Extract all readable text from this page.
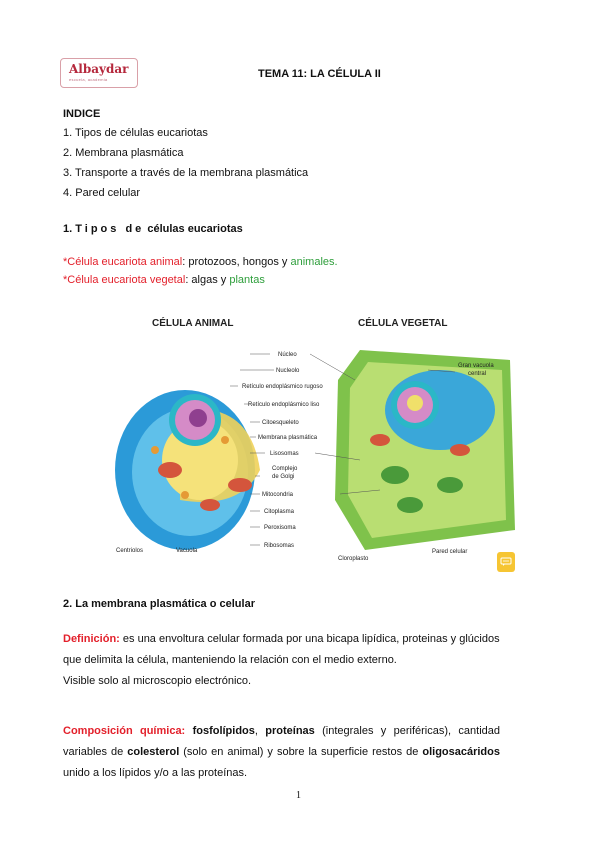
Albaydar
escuela, academia	TEMA 11: LA CÉLULA II
INDICE
1. Tipos de células eucariotas
2. Membrana plasmática
3. Transporte a través de la membrana plasmática
4. Pared celular
1. Tipos de células eucariotas
*Célula eucariota animal: protozoos, hongos y animales.
*Célula eucariota vegetal: algas y plantas
CÉLULA ANIMAL	CÉLULA VEGETAL
Núcleo
Nucleolo
Retículo endoplásmico rugoso
Retículo endoplásmico liso
Citoesqueleto
Membrana plasmática
Lisosomas
Complejo
de Golgi
Mitocondria
Citoplasma
Peroxisoma
Ribosomas
Centriolos	Vacuola
Cloroplasto
Pared celular
Gran vacuola
central
2. La membrana plasmática o celular
Definición: es una envoltura celular formada por una bicapa lipídica, proteinas y glúcidos
que delimita la célula, manteniendo la relación con el medio externo.
Visible solo al microscopio electrónico.
Composición química: fosfolípidos, proteínas (integrales y periféricas), cantidad variables de colesterol (solo en animal) y sobre la superficie restos de oligosacáridos unido a los lípidos y/o a las proteínas.
1
